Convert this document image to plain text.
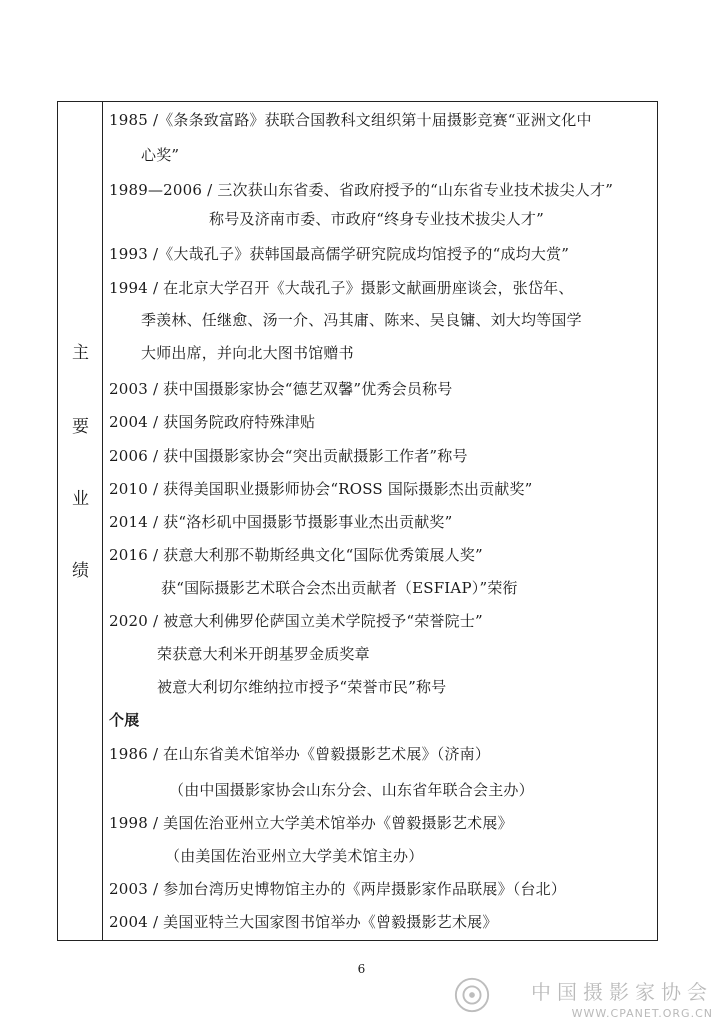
主
要
业
绩
1985 /《条条致富路》获联合国教科文组织第十届摄影竞赛“亚洲文化中
心奖”
1989—2006 / 三次获山东省委、省政府授予的“山东省专业技术拔尖人才”
称号及济南市委、市政府“终身专业技术拔尖人才”
1993 /《大哉孔子》获韩国最高儒学研究院成均馆授予的“成均大赏”
1994 / 在北京大学召开《大哉孔子》摄影文献画册座谈会，张岱年、
季羡林、任继愈、汤一介、冯其庸、陈来、吴良镛、刘大均等国学
大师出席，并向北大图书馆赠书
2003 / 获中国摄影家协会“德艺双馨”优秀会员称号
2004 / 获国务院政府特殊津贴
2006 / 获中国摄影家协会“突出贡献摄影工作者”称号
2010 / 获得美国职业摄影师协会“ROSS 国际摄影杰出贡献奖”
2014 / 获“洛杉矶中国摄影节摄影事业杰出贡献奖”
2016 / 获意大利那不勒斯经典文化“国际优秀策展人奖”
获“国际摄影艺术联合会杰出贡献者（ESFIAP）”荣衔
2020 / 被意大利佛罗伦萨国立美术学院授予“荣誉院士”
荣获意大利米开朗基罗金质奖章
被意大利切尔维纳拉市授予“荣誉市民”称号
个展
1986 / 在山东省美术馆举办《曾毅摄影艺术展》（济南）
（由中国摄影家协会山东分会、山东省年联合会主办）
1998 / 美国佐治亚州立大学美术馆举办《曾毅摄影艺术展》
（由美国佐治亚州立大学美术馆主办）
2003 / 参加台湾历史博物馆主办的《两岸摄影家作品联展》（台北）
2004 / 美国亚特兰大国家图书馆举办《曾毅摄影艺术展》
6
中国摄影家协会
WWW.CPANET.ORG.CN
